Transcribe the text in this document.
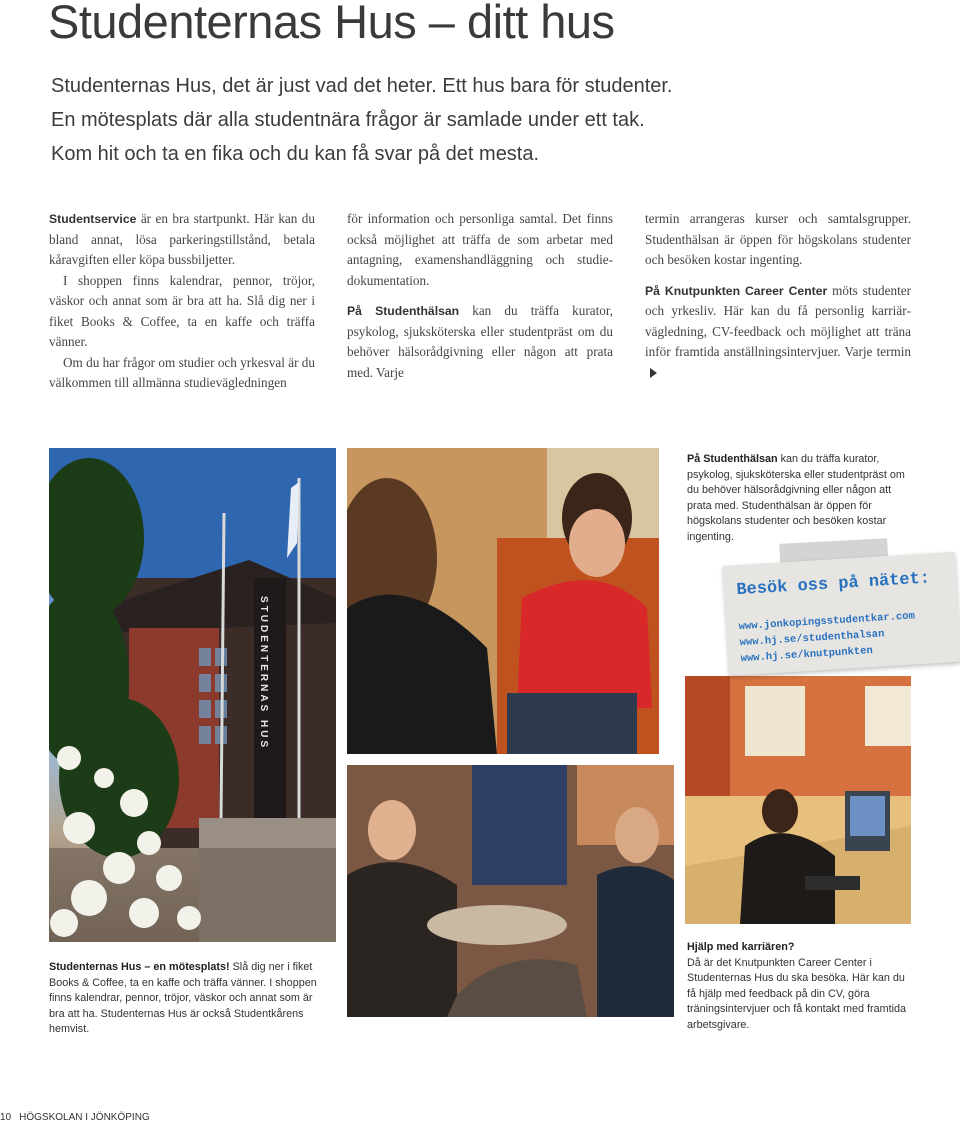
Studenternas Hus – ditt hus

Studenternas Hus, det är just vad det heter. Ett hus bara för studenter.

En mötesplats där alla studentnära frågor är samlade under ett tak.

Kom hit och ta en fika och du kan få svar på det mesta.

Studentservice är en bra startpunkt. Här kan du bland annat, lösa parkeringstillstånd, betala kåravgiften eller köpa bussbiljetter.

I shoppen finns kalendrar, pennor, tröjor, väskor och annat som är bra att ha. Slå dig ner i fiket Books & Coffee, ta en kaffe och träffa vänner.

Om du har frågor om studier och yrkesval är du välkommen till allmänna studievägledningen

för information och personliga samtal. Det finns också möjlighet att träffa de som arbetar med antagning, examenshandläggning och studiedokumentation.

På Studenthälsan kan du träffa kurator, psykolog, sjuksköterska eller studentpräst om du behöver hälsorådgivning eller någon att prata med. Varje

termin arrangeras kurser och samtalsgrupper. Studenthälsan är öppen för högskolans studenter och besöken kostar ingenting.

På Knutpunkten Career Center möts studenter och yrkesliv. Här kan du få personlig karriärvägledning, CV-feedback och möjlighet att träna inför framtida anställningsintervjuer. Varje termin

STUDENTERNAS HUS
På Studenthälsan kan du träffa kurator, psykolog, sjuksköterska eller studentpräst om du behöver hälsorådgivning eller någon att prata med. Studenthälsan är öppen för högskolans studenter och besöken kostar ingenting.
Besök oss på nätet:
www.jonkopingsstudentkar.com
www.hj.se/studenthalsan
www.hj.se/knutpunkten
Hjälp med karriären?
Då är det Knutpunkten Career Center i Studenternas Hus du ska besöka. Här kan du få hjälp med feedback på din CV, göra träningsintervjuer och få kontakt med framtida arbetsgivare.
Studenternas Hus – en mötesplats! Slå dig ner i fiket Books & Coffee, ta en kaffe och träffa vänner. I shoppen finns kalendrar, pennor, tröjor, väskor och annat som är bra att ha. Studenternas Hus är också Studentkårens hemvist.
10 HÖGSKOLAN I JÖNKÖPING
